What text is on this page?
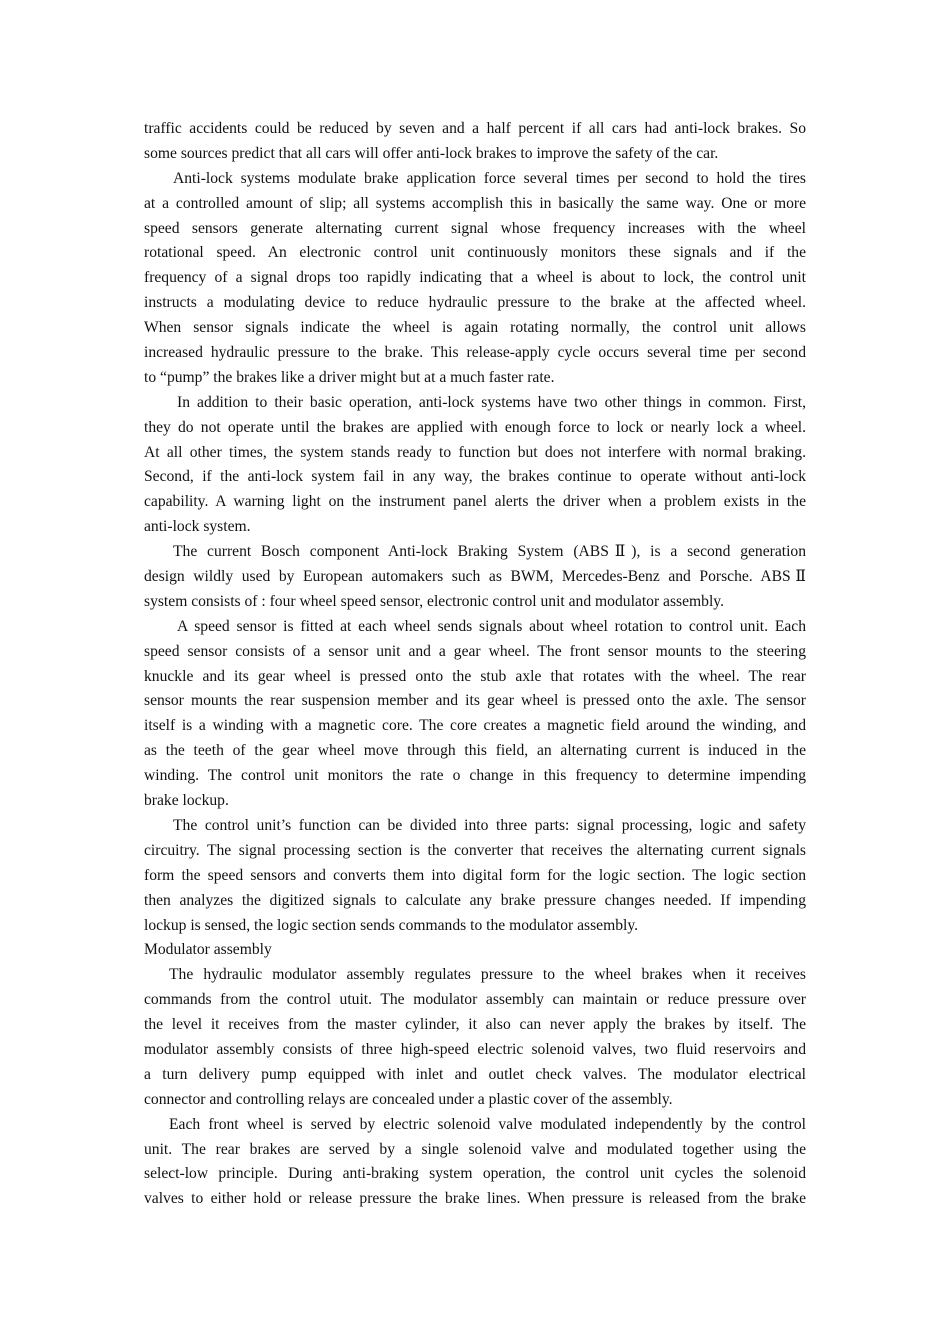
traffic accidents could be reduced by seven and a half percent if all cars had anti-lock brakes. So
some sources predict that all cars will offer anti-lock brakes to improve the safety of the car.
Anti-lock systems modulate brake application force several times per second to hold the tires
at a controlled amount of slip; all systems accomplish this in basically the same way. One or more
speed sensors generate alternating current signal whose frequency increases with the wheel
rotational speed. An electronic control unit continuously monitors these signals and if the
frequency of a signal drops too rapidly indicating that a wheel is about to lock, the control unit
instructs a modulating device to reduce hydraulic pressure to the brake at the affected wheel.
When sensor signals indicate the wheel is again rotating normally, the control unit allows
increased hydraulic pressure to the brake. This release-apply cycle occurs several time per second
to “pump” the brakes like a driver might but at a much faster rate.
In addition to their basic operation, anti-lock systems have two other things in common. First,
they do not operate until the brakes are applied with enough force to lock or nearly lock a wheel.
At all other times, the system stands ready to function but does not interfere with normal braking.
Second, if the anti-lock system fail in any way, the brakes continue to operate without anti-lock
capability. A warning light on the instrument panel alerts the driver when a problem exists in the
anti-lock system.
The current Bosch component Anti-lock Braking System (ABSⅡ), is a second generation
design wildly used by European automakers such as BWM, Mercedes-Benz and Porsche. ABSⅡ
system consists of : four wheel speed sensor, electronic control unit and modulator assembly.
A speed sensor is fitted at each wheel sends signals about wheel rotation to control unit. Each
speed sensor consists of a sensor unit and a gear wheel. The front sensor mounts to the steering
knuckle and its gear wheel is pressed onto the stub axle that rotates with the wheel. The rear
sensor mounts the rear suspension member and its gear wheel is pressed onto the axle. The sensor
itself is a winding with a magnetic core. The core creates a magnetic field around the winding, and
as the teeth of the gear wheel move through this field, an alternating current is induced in the
winding. The control unit monitors the rate o change in this frequency to determine impending
brake lockup.
The control unit’s function can be divided into three parts: signal processing, logic and safety
circuitry. The signal processing section is the converter that receives the alternating current signals
form the speed sensors and converts them into digital form for the logic section. The logic section
then analyzes the digitized signals to calculate any brake pressure changes needed. If impending
lockup is sensed, the logic section sends commands to the modulator assembly.
Modulator assembly
The hydraulic modulator assembly regulates pressure to the wheel brakes when it receives
commands from the control utuit. The modulator assembly can maintain or reduce pressure over
the level it receives from the master cylinder, it also can never apply the brakes by itself. The
modulator assembly consists of three high-speed electric solenoid valves, two fluid reservoirs and
a turn delivery pump equipped with inlet and outlet check valves. The modulator electrical
connector and controlling relays are concealed under a plastic cover of the assembly.
Each front wheel is served by electric solenoid valve modulated independently by the control
unit. The rear brakes are served by a single solenoid valve and modulated together using the
select-low principle. During anti-braking system operation, the control unit cycles the solenoid
valves to either hold or release pressure the brake lines. When pressure is released from the brake
